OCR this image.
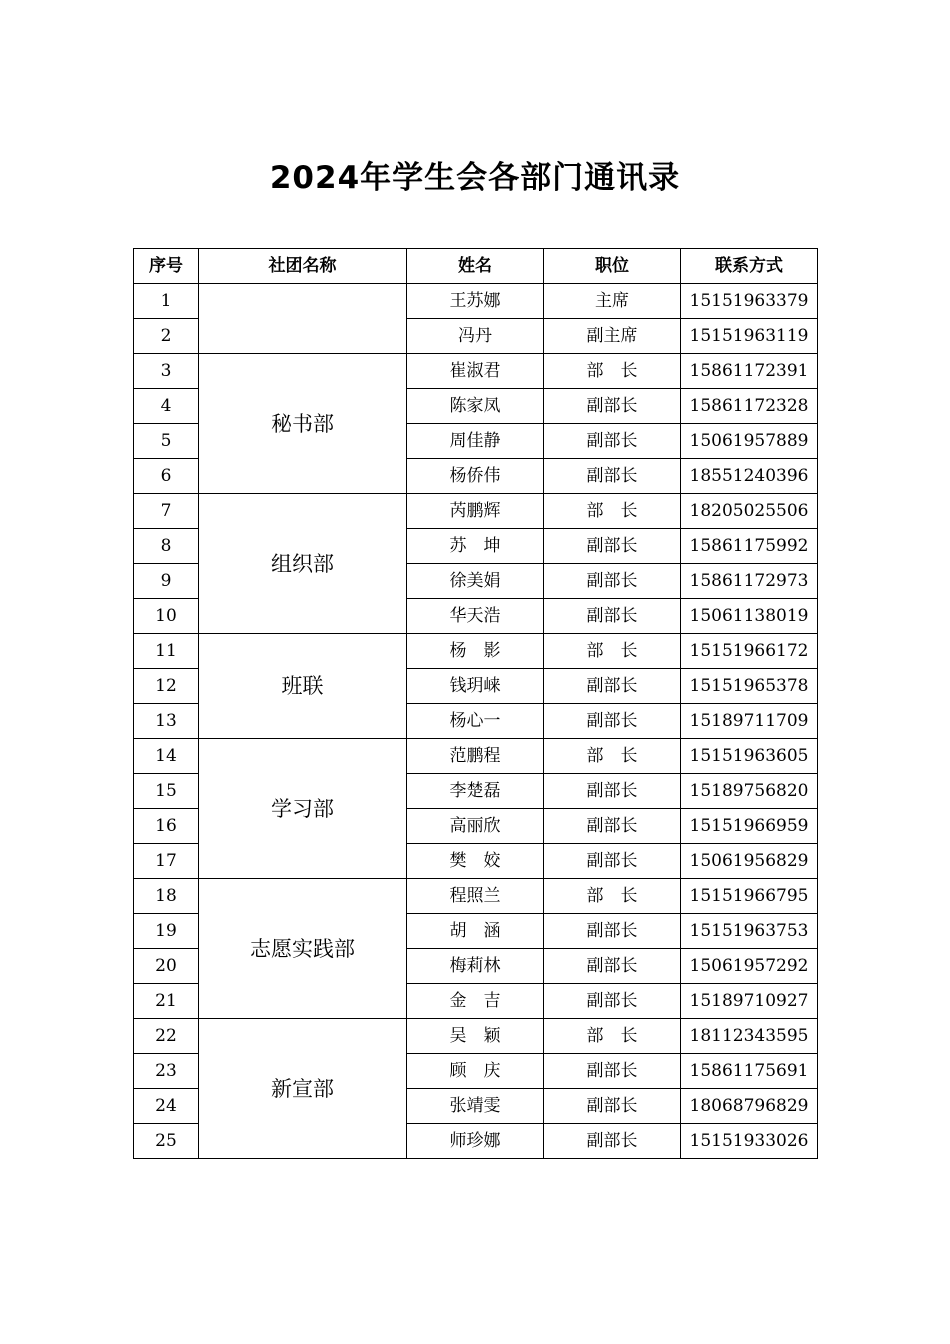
2024年学生会各部门通讯录
序号	社团名称	姓名	职位	联系方式
1		王苏娜	主席	15151963379
2		冯丹	副主席	15151963119
3	秘书部	崔淑君	部　长	15861172391
4		陈家凤	副部长	15861172328
5		周佳静	副部长	15061957889
6		杨侨伟	副部长	18551240396
7	组织部	芮鹏辉	部　长	18205025506
8		苏　坤	副部长	15861175992
9		徐美娟	副部长	15861172973
10		华天浩	副部长	15061138019
11	班联	杨　影	部　长	15151966172
12		钱玥崃	副部长	15151965378
13		杨心一	副部长	15189711709
14	学习部	范鹏程	部　长	15151963605
15		李楚磊	副部长	15189756820
16		高丽欣	副部长	15151966959
17		樊　姣	副部长	15061956829
18	志愿实践部	程照兰	部　长	15151966795
19		胡　涵	副部长	15151963753
20		梅莉林	副部长	15061957292
21		金　吉	副部长	15189710927
22	新宣部	吴　颖	部　长	18112343595
23		顾　庆	副部长	15861175691
24		张靖雯	副部长	18068796829
25		师珍娜	副部长	15151933026
